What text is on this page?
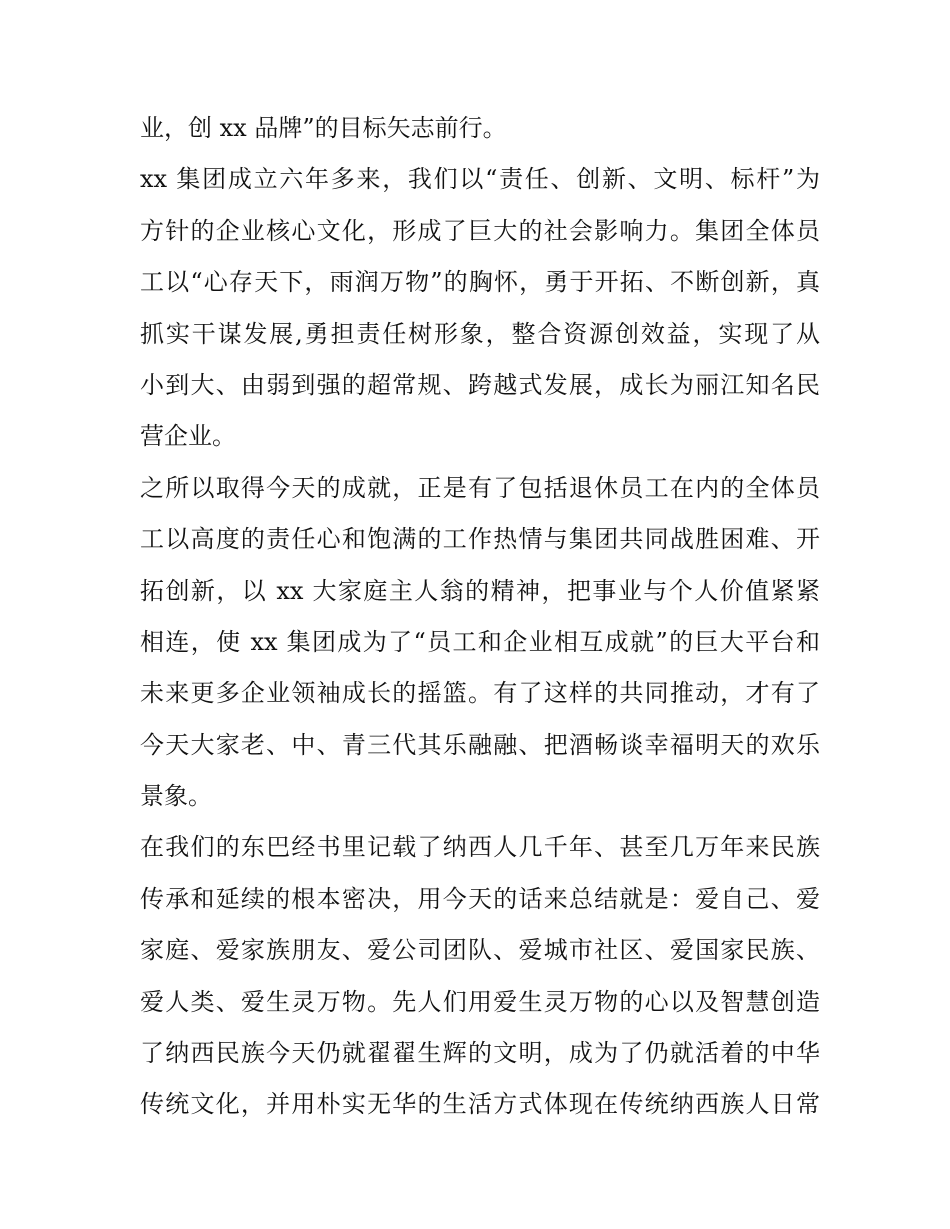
业，创 xx 品牌”的目标矢志前行。
xx 集团成立六年多来，我们以“责任、创新、文明、标杆”为
方针的企业核心文化，形成了巨大的社会影响力。集团全体员
工以“心存天下，雨润万物”的胸怀，勇于开拓、不断创新，真
抓实干谋发展,勇担责任树形象，整合资源创效益，实现了从
小到大、由弱到强的超常规、跨越式发展，成长为丽江知名民
营企业。
之所以取得今天的成就，正是有了包括退休员工在内的全体员
工以高度的责任心和饱满的工作热情与集团共同战胜困难、开
拓创新，以 xx 大家庭主人翁的精神，把事业与个人价值紧紧
相连，使 xx 集团成为了“员工和企业相互成就”的巨大平台和
未来更多企业领袖成长的摇篮。有了这样的共同推动，才有了
今天大家老、中、青三代其乐融融、把酒畅谈幸福明天的欢乐
景象。
在我们的东巴经书里记载了纳西人几千年、甚至几万年来民族
传承和延续的根本密决，用今天的话来总结就是：爱自己、爱
家庭、爱家族朋友、爱公司团队、爱城市社区、爱国家民族、
爱人类、爱生灵万物。先人们用爱生灵万物的心以及智慧创造
了纳西民族今天仍就翟翟生辉的文明，成为了仍就活着的中华
传统文化，并用朴实无华的生活方式体现在传统纳西族人日常
